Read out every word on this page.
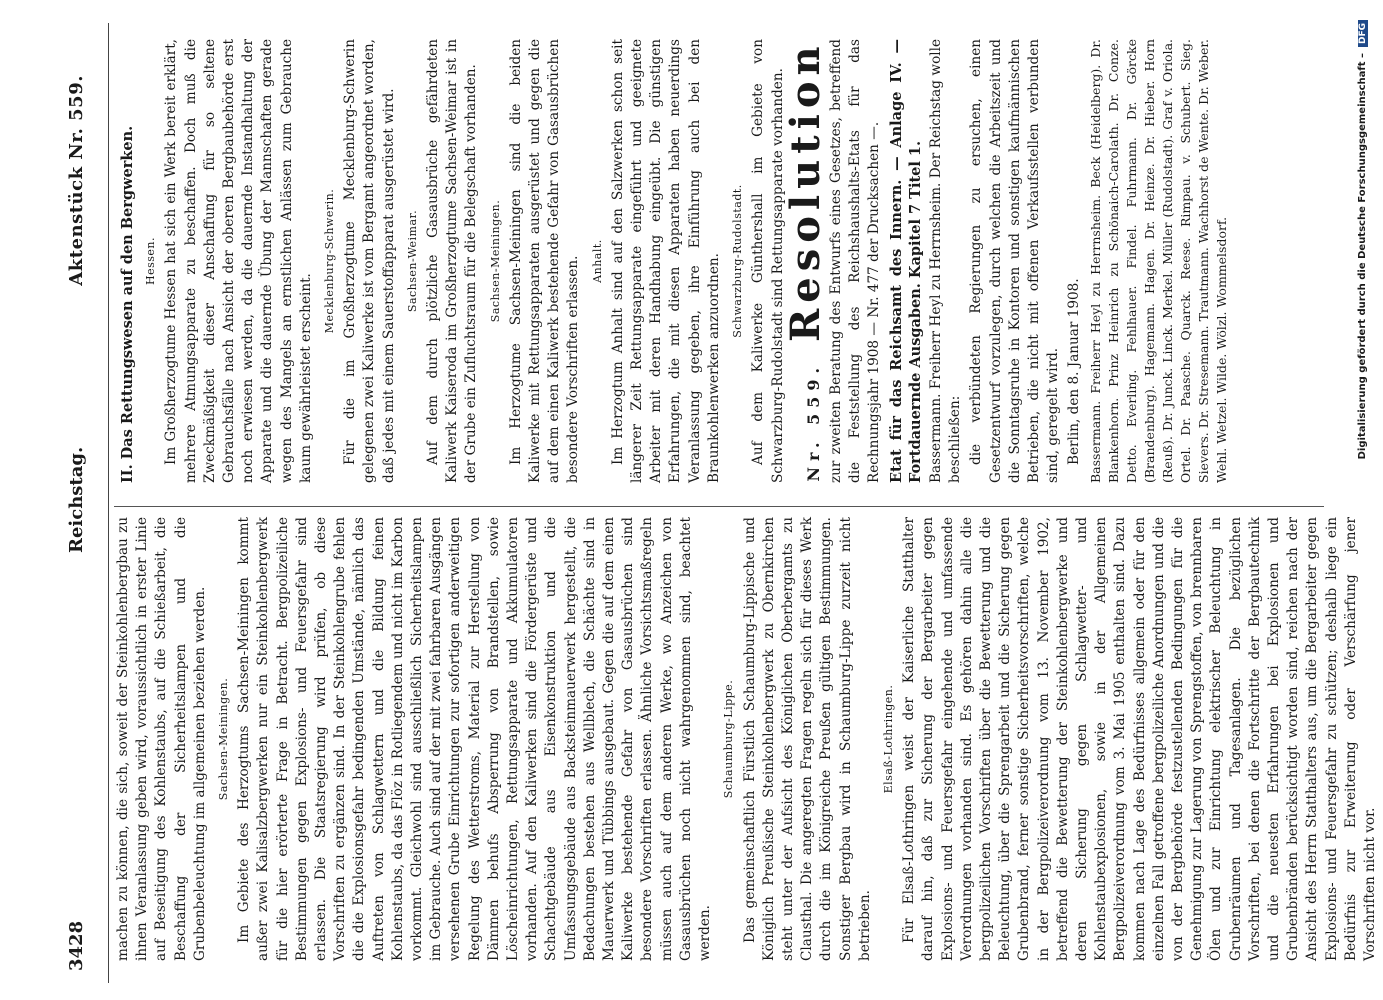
3428
Reichstag.
Aktenstück Nr. 559.

machen zu können, die sich, soweit der Steinkohlenbergbau zu ihnen Veranlassung geben wird, voraussichtlich in erster Linie auf Beseitigung des Kohlenstaubs, auf die Schießarbeit, die Beschaffung der Sicherheitslampen und die Grubenbeleuchtung im allgemeinen beziehen werden. Sachsen-Meiningen. Im Gebiete des Herzogtums Sachsen-Meiningen kommt außer zwei Kalisalzbergwerken nur ein Steinkohlenbergwerk für die hier erörterte Frage in Betracht. Bergpolizeiliche Bestimmungen gegen Explosions- und Feuersgefahr sind erlassen. Die Staatsregierung wird prüfen, ob diese Vorschriften zu ergänzen sind. In der Steinkohlengrube fehlen die die Explosionsgefahr bedingenden Umstände, nämlich das Auftreten von Schlagwettern und die Bildung feinen Kohlenstaubs, da das Flöz in Rotliegendem und nicht im Karbon vorkommt. Gleichwohl sind ausschließlich Sicherheitslampen im Gebrauche. Auch sind auf der mit zwei fahrbaren Ausgängen versehenen Grube Einrichtungen zur sofortigen anderweitigen Regelung des Wetterstroms, Material zur Herstellung von Dämmen behufs Absperrung von Brandstellen, sowie Löscheinrichtungen, Rettungsapparate und Akkumulatoren vorhanden. Auf den Kaliwerken sind die Fördergerüste und Schachtgebäude aus Eisenkonstruktion und die Umfassungsgebäude aus Backsteinmauerwerk hergestellt, die Bedachungen bestehen aus Wellblech, die Schächte sind in Mauerwerk und Tübbings ausgebaut. Gegen die auf dem einen Kaliwerke bestehende Gefahr von Gasausbrüchen sind besondere Vorschriften erlassen. Ähnliche Vorsichtsmaßregeln müssen auch auf dem anderen Werke, wo Anzeichen von Gasausbrüchen noch nicht wahrgenommen sind, beachtet werden.

Schaumburg-Lippe. Das gemeinschaftlich Fürstlich Schaumburg-Lippische und Königlich Preußische Steinkohlenbergwerk zu Obernkirchen steht unter der Aufsicht des Königlichen Oberbergamts zu Clausthal. Die angeregten Fragen regeln sich für dieses Werk durch die im Königreiche Preußen gültigen Bestimmungen. Sonstiger Bergbau wird in Schaumburg-Lippe zurzeit nicht betrieben.

Elsaß-Lothringen. Für Elsaß-Lothringen weist der Kaiserliche Statthalter darauf hin, daß zur Sicherung der Bergarbeiter gegen Explosions- und Feuersgefahr eingehende und umfassende Verordnungen vorhanden sind. Es gehören dahin alle die bergpolizeilichen Vorschriften über die Bewetterung und die Beleuchtung, über die Sprengarbeit und die Sicherung gegen Grubenbrand, ferner sonstige Sicherheitsvorschriften, welche in der Bergpolizeiverordnung vom 13. November 1902, betreffend die Bewetterung der Steinkohlenbergwerke und deren Sicherung gegen Schlagwetter- und Kohlenstaubexplosionen, sowie in der Allgemeinen Bergpolizeiverordnung vom 3. Mai 1905 enthalten sind. Dazu kommen nach Lage des Bedürfnisses allgemein oder für den einzelnen Fall getroffene bergpolizeiliche Anordnungen und die von der Bergbehörde festzustellenden Bedingungen für die Genehmigung zur Lagerung von Sprengstoffen, von brennbaren Ölen und zur Einrichtung elektrischer Beleuchtung in Grubenräumen und Tagesanlagen. Die bezüglichen Vorschriften, bei denen die Fortschritte der Bergbautechnik und die neuesten Erfahrungen bei Explosionen und Grubenbränden berücksichtigt worden sind, reichen nach der Ansicht des Herrn Statthalters aus, um die Bergarbeiter gegen Explosions- und Feuersgefahr zu schützen; deshalb liege ein Bedürfnis zur Erweiterung oder Verschärfung jener Vorschriften nicht vor.

II. Das Rettungswesen auf den Bergwerken. Hessen. Im Großherzogtume Hessen hat sich ein Werk bereit erklärt, mehrere Atmungsapparate zu beschaffen. Doch muß die Zweckmäßigkeit dieser Anschaffung für so seltene Gebrauchsfälle nach Ansicht der oberen Bergbaubehörde erst noch erwiesen werden, da die dauernde Instandhaltung der Apparate und die dauernde Übung der Mannschaften gerade wegen des Mangels an ernstlichen Anlässen zum Gebrauche kaum gewährleistet erscheint.

Mecklenburg-Schwerin. Für die im Großherzogtume Mecklenburg-Schwerin gelegenen zwei Kaliwerke ist vom Bergamt angeordnet worden, daß jedes mit einem Sauerstoffapparat ausgerüstet wird. Sachsen-Weimar. Auf dem durch plötzliche Gasausbrüche gefährdeten Kaliwerk Kaiseroda im Großherzogtume Sachsen-Weimar ist in der Grube ein Zufluchtsraum für die Belegschaft vorhanden. Sachsen-Meiningen. Im Herzogtume Sachsen-Meiningen sind die beiden Kaliwerke mit Rettungsapparaten ausgerüstet und gegen die auf dem einen Kaliwerk bestehende Gefahr von Gasausbrüchen besondere Vorschriften erlassen. Anhalt. Im Herzogtum Anhalt sind auf den Salzwerken schon seit längerer Zeit Rettungsapparate eingeführt und geeignete Arbeiter mit deren Handhabung eingeübt. Die günstigen Erfahrungen, die mit diesen Apparaten haben neuerdings Veranlassung gegeben, ihre Einführung auch bei den Braunkohlenwerken anzuordnen. Schwarzburg-Rudolstadt. Auf dem Kaliwerke Günthershall im Gebiete von Schwarzburg-Rudolstadt sind Rettungsapparate vorhanden.	Nr. 559. Resolution zur zweiten Beratung des Entwurfs eines Gesetzes, betreffend die Feststellung des Reichshaushalts-Etats für das Rechnungsjahr 1908 — Nr. 477 der Drucksachen —. Etat für das Reichsamt des Innern. — Anlage IV. — Fortdauernde Ausgaben. Kapitel 7 Titel 1. Bassermann. Freiherr Heyl zu Herrnsheim. Der Reichstag wolle beschließen: die verbündeten Regierungen zu ersuchen, einen Gesetzentwurf vorzulegen, durch welchen die Arbeitszeit und die Sonntagsruhe in Kontoren und sonstigen kaufmännischen Betrieben, die nicht mit offenen Verkaufsstellen verbunden sind, geregelt wird. Berlin, den 8. Januar 1908. Bassermann. Freiherr Heyl zu Herrnsheim. Beck (Heidelberg). Dr. Blankenhorn. Prinz Heinrich zu Schönaich-Carolath. Dr. Conze. Detto. Everling. Fehlhauer. Findel. Fuhrmann. Dr. Görcke (Brandenburg). Hagemann. Hagen. Dr. Heinze. Dr. Hieber. Horn (Reuß). Dr. Junck. Linck. Merkel. Müller (Rudolstadt). Graf v. Oriola. Ortel. Dr. Paasche. Quarck. Reese. Rimpau. v. Schubert. Sieg. Sievers. Dr. Stresemann. Trautmann. Wachhorst de Wente. Dr. Weber. Wehl. Wetzel. Wilde. Wölzl. Wommelsdorf.	Digitalisierung gefördert durch die Deutsche Forschungsgemeinschaft –DFG
